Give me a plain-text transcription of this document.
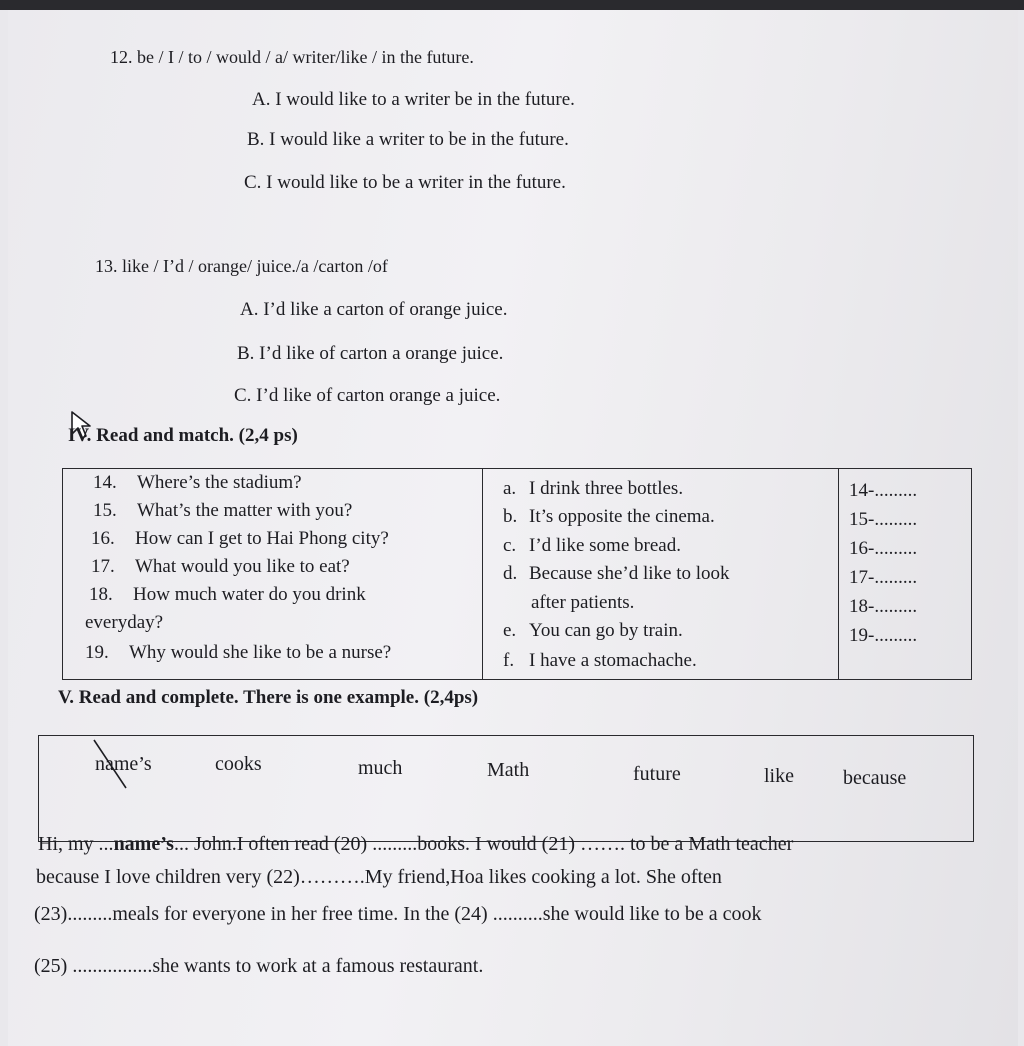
12. be / I / to / would / a/ writer/like / in the future.
A. I would like to a writer be in the future.
B. I would like a writer to be in the future.
C. I would like to be a writer in the future.
13. like / I’d / orange/ juice./a /carton /of
A. I’d like a carton of orange juice.
B. I’d like of carton a orange juice.
C. I’d like of carton orange a juice.
IV. Read and match. (2,4 ps)
14. Where’s the stadium?
15. What’s the matter with you?
16. How can I get to Hai Phong city?
17. What would you like to eat?
18. How much water do you drink
everyday?
19. Why would she like to be a nurse?
a. I drink three bottles.
b. It’s opposite the cinema.
c. I’d like some bread.
d. Because she’d like to look
after patients.
e. You can go by train.
f. I have a stomachache.
14-.........
15-.........
16-.........
17-.........
18-.........
19-.........
V. Read and complete. There is one example. (2,4ps)
name’s	cooks	much	Math	future	like because
Hi, my ...name’s... John.I often read (20) .........books. I would (21) ……. to be a Math teacher
because I love children very (22)……….My friend,Hoa likes cooking a lot. She often
(23).........meals for everyone in her free time. In the (24) ..........she would like to be a cook
(25) ................she wants to work at a famous restaurant.
